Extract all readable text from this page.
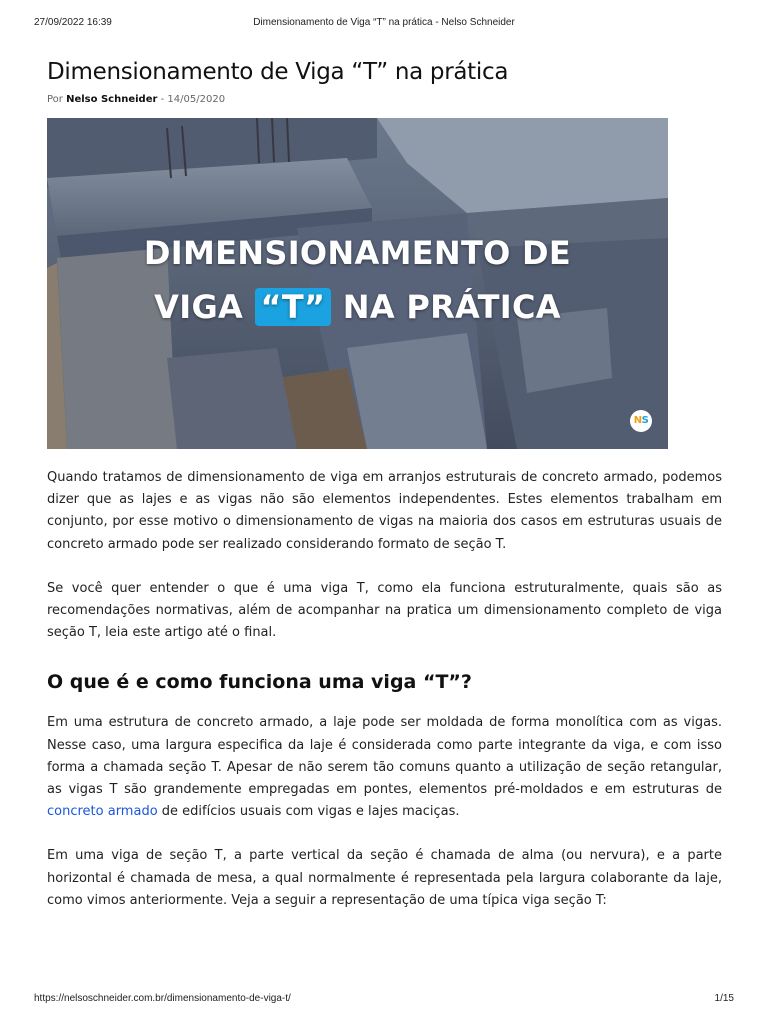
27/09/2022 16:39	Dimensionamento de Viga “T” na prática - Nelso Schneider
Dimensionamento de Viga “T” na prática
Por Nelso Schneider - 14/05/2020
DIMENSIONAMENTO DE
VIGA “T” NA PRÁTICA
NS

Quando tratamos de dimensionamento de viga em arranjos estruturais de concreto armado, podemos dizer que as lajes e as vigas não são elementos independentes. Estes elementos trabalham em conjunto, por esse motivo o dimensionamento de vigas na maioria dos casos em estruturas usuais de concreto armado pode ser realizado considerando formato de seção T.

Se você quer entender o que é uma viga T, como ela funciona estruturalmente, quais são as recomendações normativas, além de acompanhar na pratica um dimensionamento completo de viga seção T, leia este artigo até o final.

O que é e como funciona uma viga “T”?

Em uma estrutura de concreto armado, a laje pode ser moldada de forma monolítica com as vigas. Nesse caso, uma largura especifica da laje é considerada como parte integrante da viga, e com isso forma a chamada seção T. Apesar de não serem tão comuns quanto a utilização de seção retangular, as vigas T são grandemente empregadas em pontes, elementos pré-moldados e em estruturas de concreto armado de edifícios usuais com vigas e lajes maciças.

Em uma viga de seção T, a parte vertical da seção é chamada de alma (ou nervura), e a parte horizontal é chamada de mesa, a qual normalmente é representada pela largura colaborante da laje, como vimos anteriormente. Veja a seguir a representação de uma típica viga seção T:

https://nelsoschneider.com.br/dimensionamento-de-viga-t/	1/15
